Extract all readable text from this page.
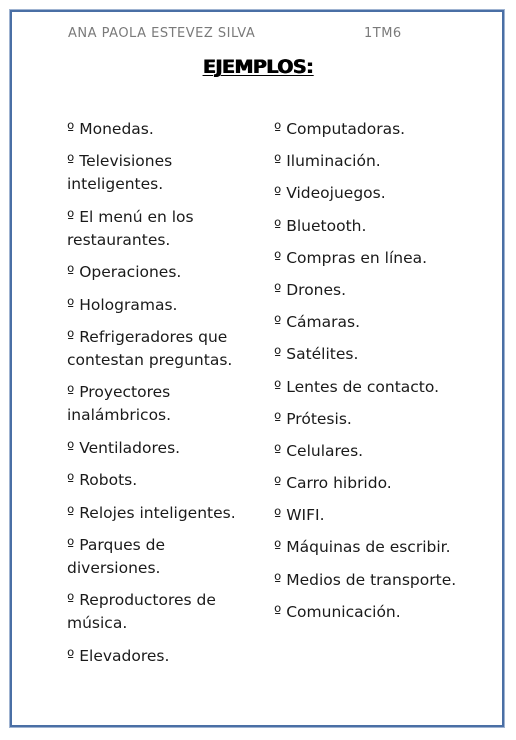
ANA PAOLA ESTEVEZ SILVA	1TM6
EJEMPLOS:
º Monedas.
º Televisiones inteligentes.
º El menú en los restaurantes.
º Operaciones.
º Hologramas.
º Refrigeradores que contestan preguntas.
º Proyectores inalámbricos.
º Ventiladores.
º Robots.
º Relojes inteligentes.
º Parques de diversiones.
º Reproductores de música.
º Elevadores.
º Computadoras.
º Iluminación.
º Videojuegos.
º Bluetooth.
º Compras en línea.
º Drones.
º Cámaras.
º Satélites.
º Lentes de contacto.
º Prótesis.
º Celulares.
º Carro hibrido.
º WIFI.
º Máquinas de escribir.
º Medios de transporte.
º Comunicación.
